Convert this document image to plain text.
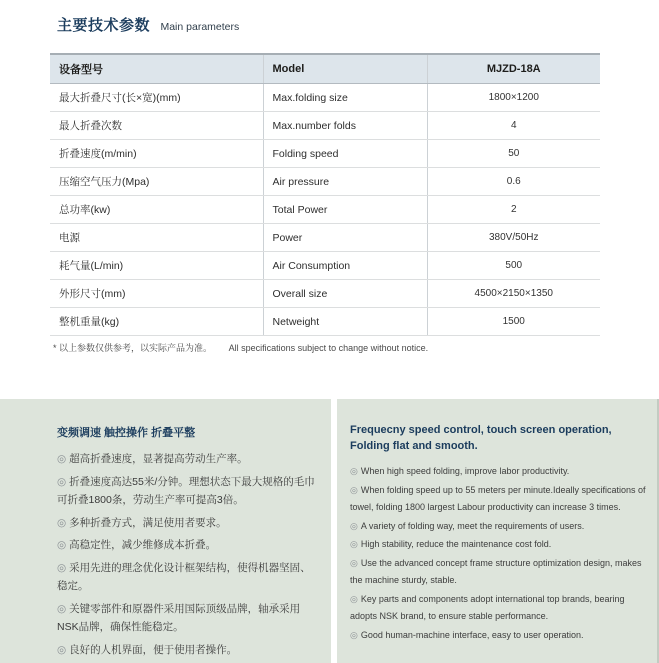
主要技术参数 Main parameters
设备型号	Model	MJZD-18A
最大折叠尺寸(长×宽)(mm)	Max.folding size	1800×1200
最人折叠次数	Max.number folds	4
折叠速度(m/min)	Folding speed	50
压缩空气压力(Mpa)	Air pressure	0.6
总功率(kw)	Total Power	2
电源	Power	380V/50Hz
耗气量(L/min)	Air Consumption	500
外形尺寸(mm)	Overall size	4500×2150×1350
整机重量(kg)	Netweight	1500
* 以上参数仅供参考，以实际产品为准。 All specifications subject to change without notice.

变频调速 触控操作 折叠平整

◎ 超高折叠速度，显著提高劳动生产率。

◎ 折叠速度高达55米/分钟。理想状态下最大规格的毛巾可折叠1800条，劳动生产率可提高3倍。

◎ 多种折叠方式，满足使用者要求。

◎ 高稳定性，减少维修成本折叠。

◎ 采用先进的理念优化设计框架结构，使得机器坚固、稳定。

◎ 关键零部件和原器件采用国际顶级品牌，轴承采用NSK品牌，确保性能稳定。

◎ 良好的人机界面，便于使用者操作。

Frequecny speed control, touch screen operation,
Folding flat and smooth.

◎ When high speed folding, improve labor productivity.

◎ When folding speed up to 55 meters per minute.Ideally specifications of towel, folding 1800 largest Labour productivity can increase 3 times.

◎ A variety of folding way, meet the requirements of users.

◎ High stability, reduce the maintenance cost fold.

◎ Use the advanced concept frame structure optimization design, makes the machine sturdy, stable.

◎ Key parts and components adopt international top brands, bearing adopts NSK brand, to ensure stable performance.

◎ Good human-machine interface, easy to user operation.
